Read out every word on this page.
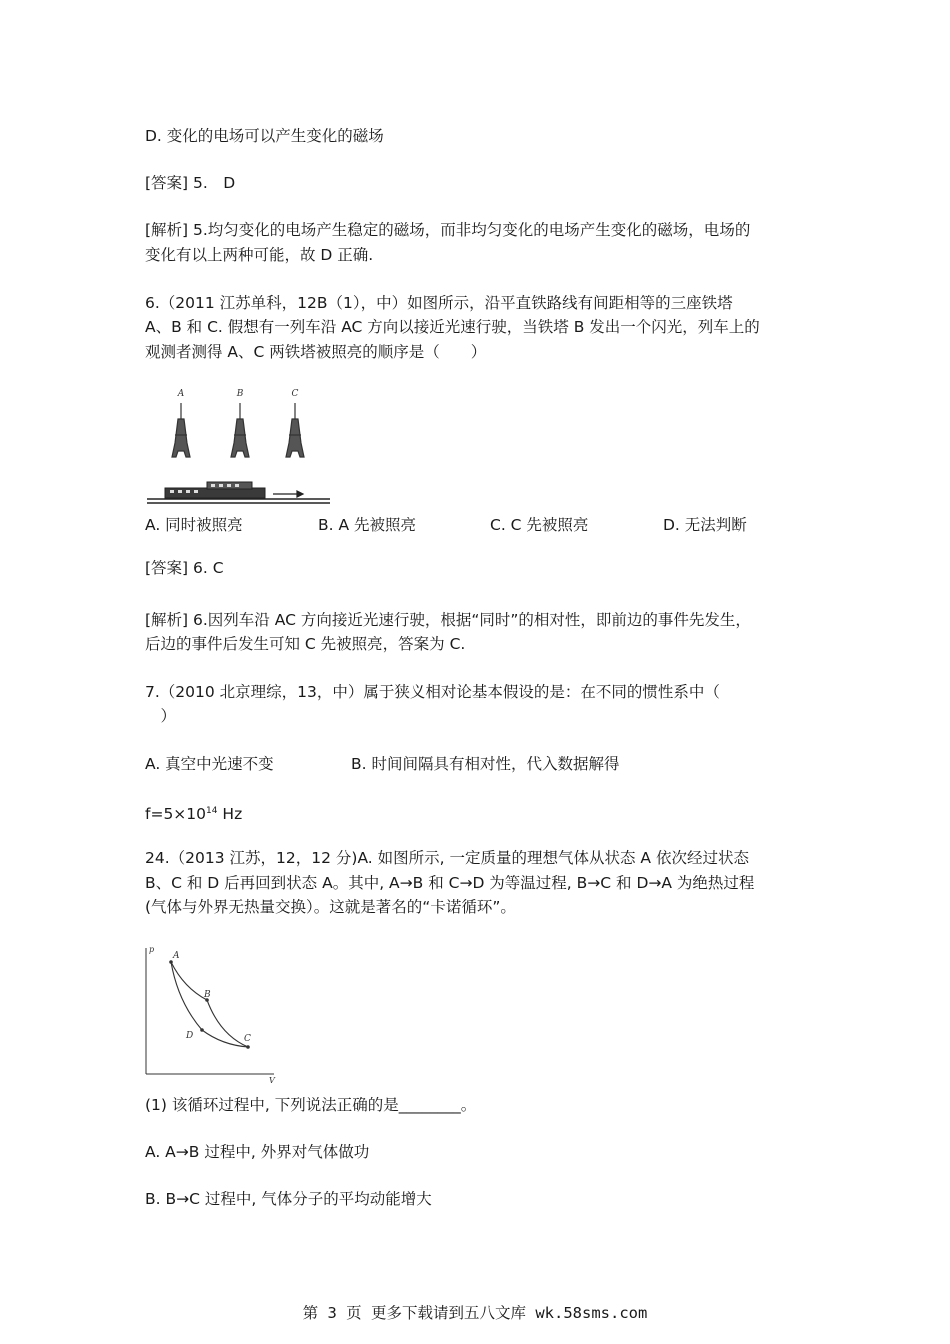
D. 变化的电场可以产生变化的磁场
[答案] 5.　D
[解析] 5.均匀变化的电场产生稳定的磁场，而非均匀变化的电场产生变化的磁场，电场的
变化有以上两种可能，故 D 正确.
6.（2011 江苏单科，12B（1），中）如图所示，沿平直铁路线有间距相等的三座铁塔
A、B 和 C. 假想有一列车沿 AC 方向以接近光速行驶，当铁塔 B 发出一个闪光，列车上的
观测者测得 A、C 两铁塔被照亮的顺序是（　　）
A	B	C
A. 同时被照亮	B. A 先被照亮	C. C 先被照亮	D. 无法判断
[答案] 6. C
[解析] 6.因列车沿 AC 方向接近光速行驶，根据“同时”的相对性，即前边的事件先发生，
后边的事件后发生可知 C 先被照亮，答案为 C.
7.（2010 北京理综，13，中）属于狭义相对论基本假设的是：在不同的惯性系中（
　）
A. 真空中光速不变	B. 时间间隔具有相对性，代入数据解得
$f=5\times 10^{14}$ Hz
24.（2013 江苏，12，12 分)A. 如图所示, 一定质量的理想气体从状态 A 依次经过状态
B、C 和 D 后再回到状态 A。其中, A→B 和 C→D 为等温过程, B→C 和 D→A 为绝热过程
(气体与外界无热量交换）。这就是著名的“卡诺循环”。
p
V
A
B
C
D
(1) 该循环过程中, 下列说法正确的是________。
A. A→B 过程中, 外界对气体做功
B. B→C 过程中, 气体分子的平均动能增大
第 3 页 更多下载请到五八文库 wk.58sms.com
